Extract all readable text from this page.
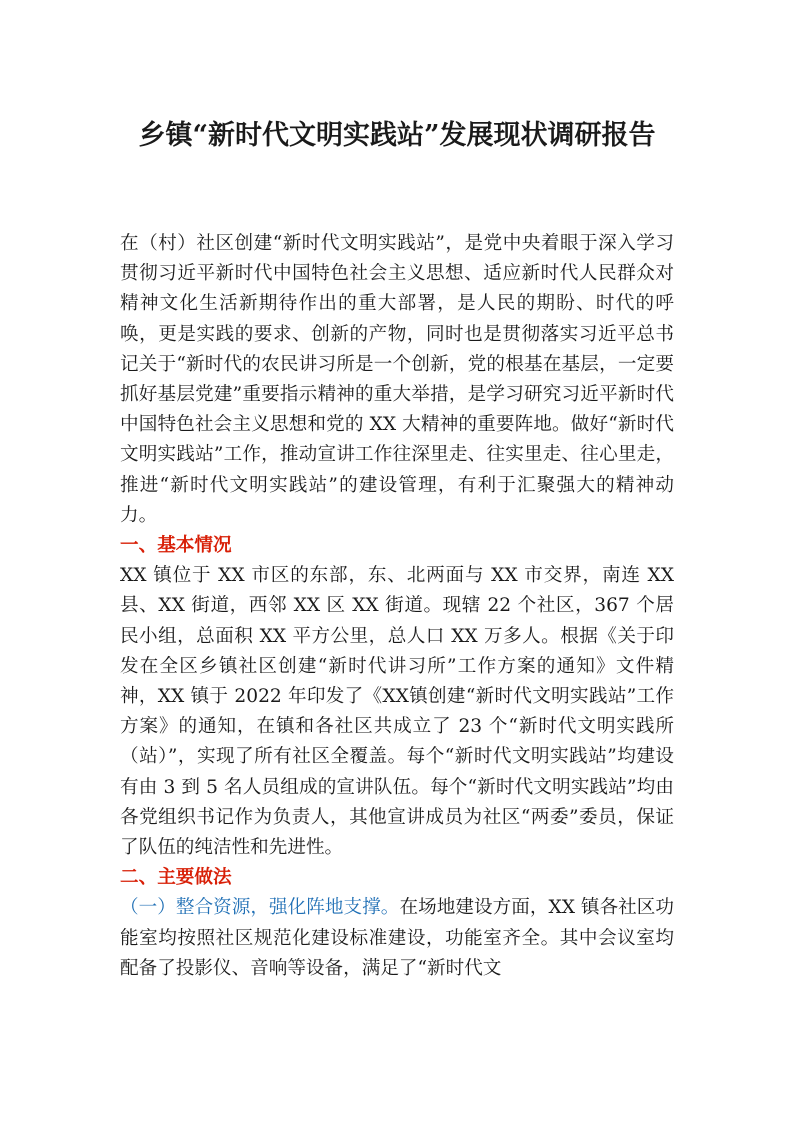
乡镇“新时代文明实践站”发展现状调研报告

在（村）社区创建“新时代文明实践站”，是党中央着眼于深入学习贯彻习近平新时代中国特色社会主义思想、适应新时代人民群众对精神文化生活新期待作出的重大部署，是人民的期盼、时代的呼唤，更是实践的要求、创新的产物，同时也是贯彻落实习近平总书记关于“新时代的农民讲习所是一个创新，党的根基在基层，一定要抓好基层党建”重要指示精神的重大举措，是学习研究习近平新时代中国特色社会主义思想和党的 XX 大精神的重要阵地。做好“新时代文明实践站”工作，推动宣讲工作往深里走、往实里走、往心里走，推进“新时代文明实践站”的建设管理，有利于汇聚强大的精神动力。

一、基本情况

XX 镇位于 XX 市区的东部，东、北两面与 XX 市交界，南连 XX 县、XX 街道，西邻 XX 区 XX 街道。现辖 22 个社区，367 个居民小组，总面积 XX 平方公里，总人口 XX 万多人。根据《关于印发在全区乡镇社区创建“新时代讲习所”工作方案的通知》文件精神，XX 镇于 2022 年印发了《XX镇创建“新时代文明实践站”工作方案》的通知，在镇和各社区共成立了 23 个“新时代文明实践所（站）”，实现了所有社区全覆盖。每个“新时代文明实践站”均建设有由 3 到 5 名人员组成的宣讲队伍。每个“新时代文明实践站”均由各党组织书记作为负责人，其他宣讲成员为社区“两委”委员，保证了队伍的纯洁性和先进性。

二、主要做法

（一）整合资源，强化阵地支撑。在场地建设方面，XX 镇各社区功能室均按照社区规范化建设标准建设，功能室齐全。其中会议室均配备了投影仪、音响等设备，满足了“新时代文
